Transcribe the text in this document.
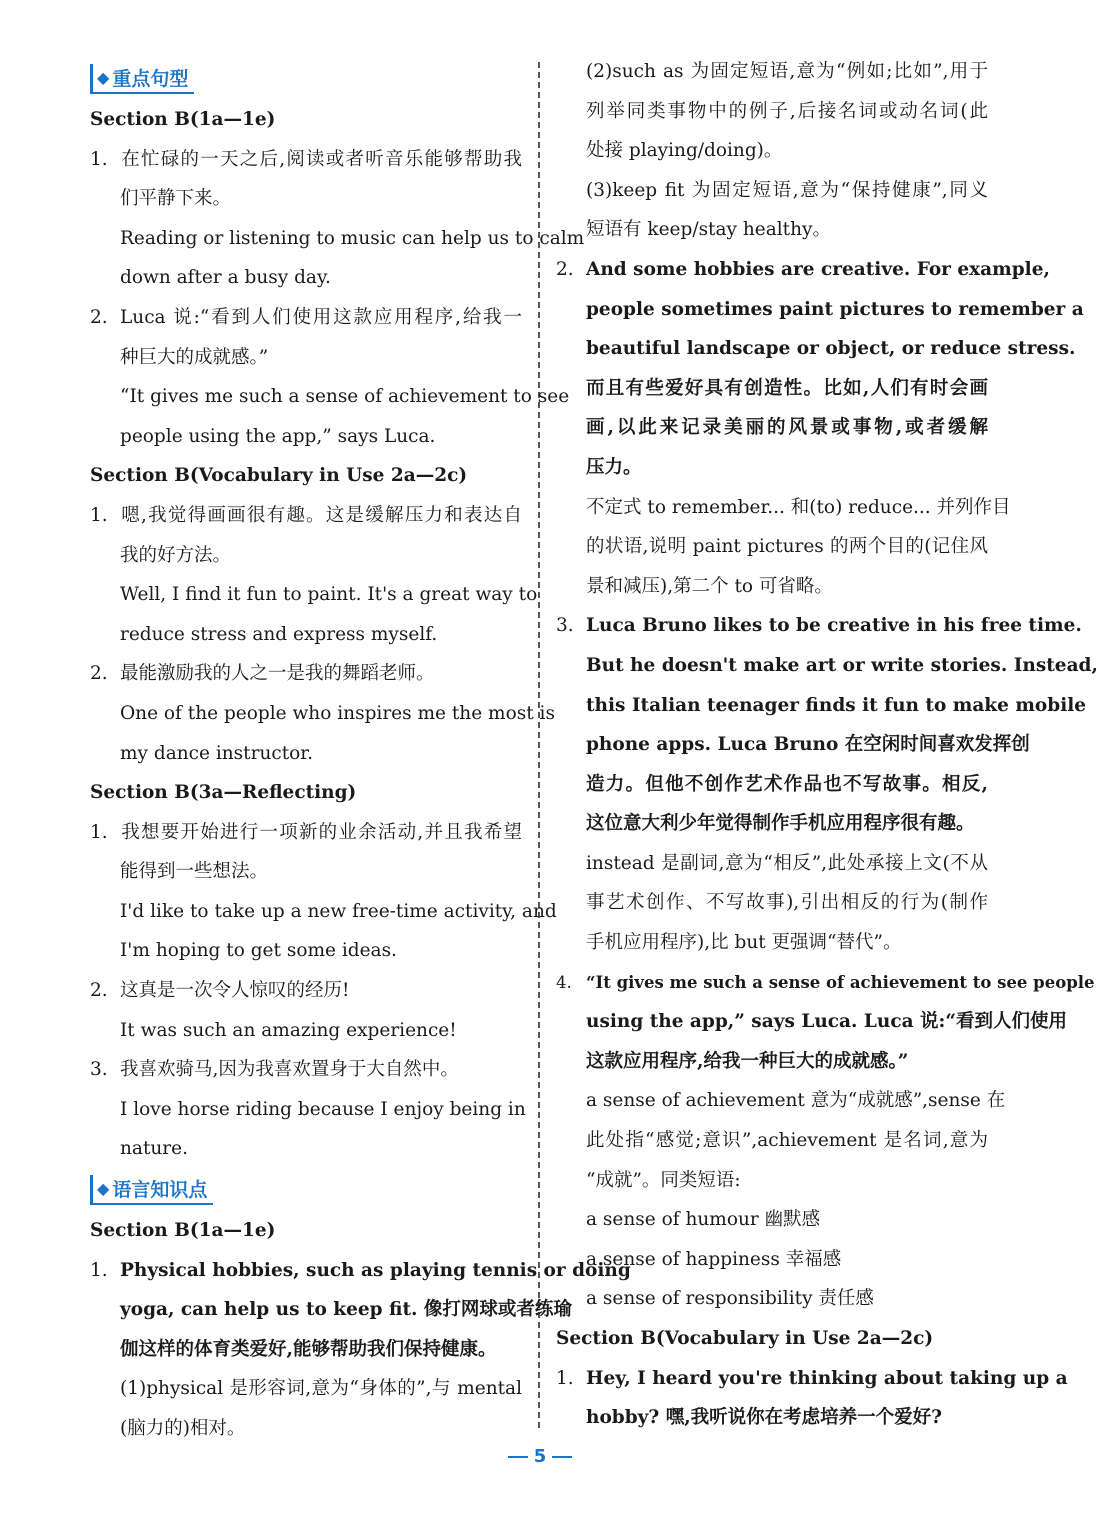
◆ 重点句型
Section B(1a—1e)
1. 在忙碌的一天之后,阅读或者听音乐能够帮助我
们平静下来。
Reading or listening to music can help us to calm
down after a busy day.
2. Luca 说:“看到人们使用这款应用程序,给我一
种巨大的成就感。”
“It gives me such a sense of achievement to see
people using the app,” says Luca.
Section B(Vocabulary in Use 2a—2c)
1. 嗯,我觉得画画很有趣。这是缓解压力和表达自
我的好方法。
Well, I find it fun to paint. It's a great way to
reduce stress and express myself.
2. 最能激励我的人之一是我的舞蹈老师。
One of the people who inspires me the most is
my dance instructor.
Section B(3a—Reflecting)
1. 我想要开始进行一项新的业余活动,并且我希望
能得到一些想法。
I'd like to take up a new free-time activity, and
I'm hoping to get some ideas.
2. 这真是一次令人惊叹的经历!
It was such an amazing experience!
3. 我喜欢骑马,因为我喜欢置身于大自然中。
I love horse riding because I enjoy being in
nature.
◆ 语言知识点
Section B(1a—1e)
1. Physical hobbies, such as playing tennis or doing
yoga, can help us to keep fit. 像打网球或者练瑜
伽这样的体育类爱好,能够帮助我们保持健康。
(1)physical 是形容词,意为“身体的”,与 mental
(脑力的)相对。
(2)such as 为固定短语,意为“例如;比如”,用于
列举同类事物中的例子,后接名词或动名词(此
处接 playing/doing)。
(3)keep fit 为固定短语,意为“保持健康”,同义
短语有 keep/stay healthy。
2. And some hobbies are creative. For example,
people sometimes paint pictures to remember a
beautiful landscape or object, or reduce stress.
而且有些爱好具有创造性。比如,人们有时会画
画,以此来记录美丽的风景或事物,或者缓解
压力。
不定式 to remember... 和(to) reduce... 并列作目
的状语,说明 paint pictures 的两个目的(记住风
景和减压),第二个 to 可省略。
3. Luca Bruno likes to be creative in his free time.
But he doesn't make art or write stories. Instead,
this Italian teenager finds it fun to make mobile
phone apps. Luca Bruno 在空闲时间喜欢发挥创
造力。但他不创作艺术作品也不写故事。相反,
这位意大利少年觉得制作手机应用程序很有趣。
instead 是副词,意为“相反”,此处承接上文(不从
事艺术创作、不写故事),引出相反的行为(制作
手机应用程序),比 but 更强调“替代”。
4. “It gives me such a sense of achievement to see people
using the app,” says Luca. Luca 说:“看到人们使用
这款应用程序,给我一种巨大的成就感。”
a sense of achievement 意为“成就感”,sense 在
此处指“感觉;意识”,achievement 是名词,意为
“成就”。同类短语:
a sense of humour 幽默感
a sense of happiness 幸福感
a sense of responsibility 责任感
Section B(Vocabulary in Use 2a—2c)
1. Hey, I heard you're thinking about taking up a
hobby? 嘿,我听说你在考虑培养一个爱好?
5
